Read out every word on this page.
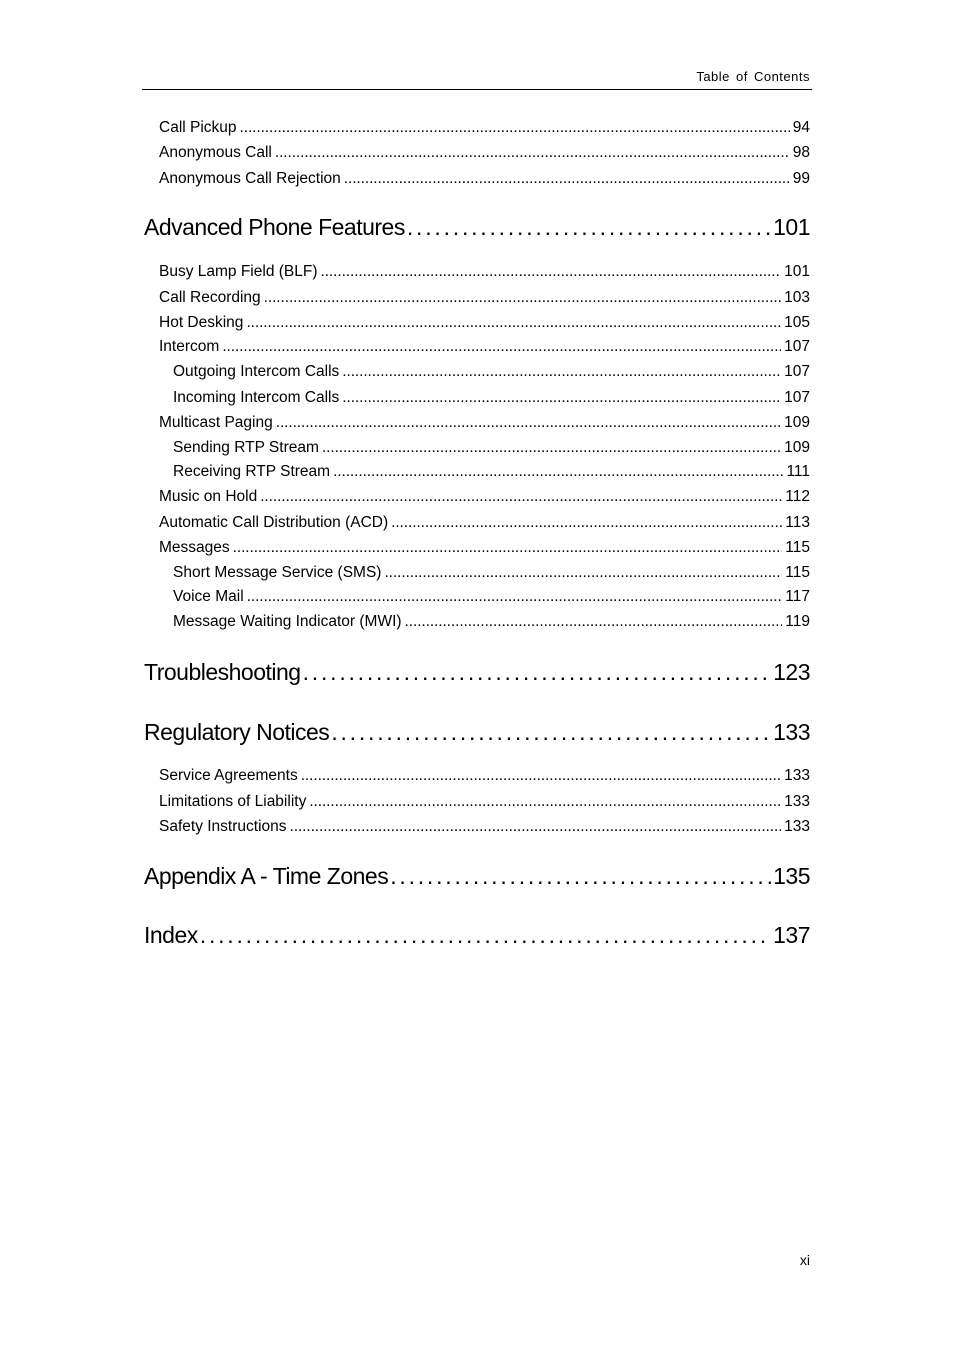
Table of Contents
Call Pickup . . .	94
Anonymous Call . . .	98
Anonymous Call Rejection . . .	99
Advanced Phone Features . . .	101
Busy Lamp Field (BLF) . . .	101
Call Recording . . .	103
Hot Desking . . .	105
Intercom . . .	107
Outgoing Intercom Calls . . .	107
Incoming Intercom Calls . . .	107
Multicast Paging . . .	109
Sending RTP Stream . . .	109
Receiving RTP Stream . . .	111
Music on Hold . . .	112
Automatic Call Distribution (ACD) . . .	113
Messages . . .	115
Short Message Service (SMS) . . .	115
Voice Mail . . .	117
Message Waiting Indicator (MWI) . . .	119
Troubleshooting . . .	123
Regulatory Notices . . .	133
Service Agreements . . .	133
Limitations of Liability . . .	133
Safety Instructions . . .	133
Appendix A - Time Zones . . .	135
Index . . .	137
xi
